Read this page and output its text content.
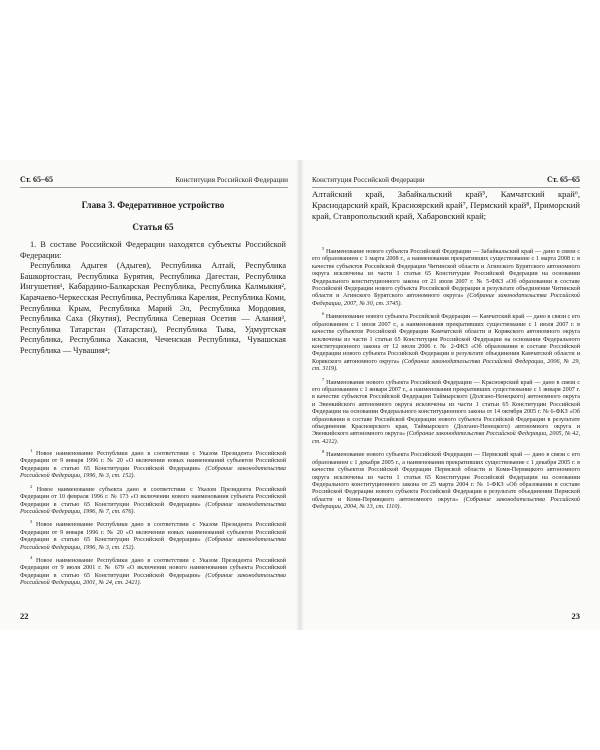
Ст. 65–65	Конституция Российской Федерации
Глава 3. Федеративное устройство
Статья 65
1. В составе Российской Федерации находятся субъекты Российской Федерации:
Республика Адыгея (Адыгея), Республика Алтай, Республика Башкортостан, Республика Бурятия, Республика Дагестан, Республика Ингушетия¹, Кабардино-Балкарская Республика, Республика Калмыкия², Карачаево-Черкесская Республика, Республика Карелия, Республика Коми, Республика Крым, Республика Марий Эл, Республика Мордовия, Республика Саха (Якутия), Республика Северная Осетия — Алания³, Республика Татарстан (Татарстан), Республика Тыва, Удмуртская Республика, Республика Хакасия, Чеченская Республика, Чувашская Республика — Чувашия⁴;
$^1$ Новое наименование Республики дано в соответствии с Указом Президента Российской Федерации от 9 января 1996 г. № 20 «О включении новых наименований субъектов Российской Федерации в статью 65 Конституции Российской Федерации» (Собрание законодательства Российской Федерации, 1996, № 3, ст. 152).
$^2$ Новое наименование субъекта дано в соответствии с Указом Президента Российской Федерации от 10 февраля 1996 г. № 173 «О включении нового наименования субъекта Российской Федерации в статью 65 Конституции Российской Федерации» (Собрание законодательства Российской Федерации, 1996, № 7, ст. 676).
$^3$ Новое наименование Республики дано в соответствии с Указом Президента Российской Федерации от 9 января 1996 г. № 20 «О включении новых наименований субъектов Российской Федерации в статью 65 Конституции Российской Федерации» (Собрание законодательства Российской Федерации, 1996, № 3, ст. 152).
$^4$ Новое наименование Республики дано в соответствии с Указом Президента Российской Федерации от 9 июля 2001 г. № 679 «О включении нового наименования субъекта Российской Федерации в статью 65 Конституции Российской Федерации» (Собрание законодательства Российской Федерации, 2001, № 24, ст. 2421).
22
Конституция Российской Федерации	Ст. 65–65
Алтайский край, Забайкальский край⁵, Камчатский край⁶, Краснодарский край, Красноярский край⁷, Пермский край⁸, Приморский край, Ставропольский край, Хабаровский край;
$^5$ Наименование нового субъекта Российской Федерации — Забайкальский край — дано в связи с его образованием с 1 марта 2008 г., а наименования прекративших существование с 1 марта 2008 г. в качестве субъектов Российской Федерации Читинской области и Агинского Бурятского автономного округа исключены из части 1 статьи 65 Конституции Российской Федерации на основании Федерального конституционного закона от 21 июля 2007 г. № 5-ФКЗ «Об образовании в составе Российской Федерации нового субъекта Российской Федерации в результате объединения Читинской области и Агинского Бурятского автономного округа» (Собрание законодательства Российской Федерации, 2007, № 30, ст. 3745).
$^6$ Наименование нового субъекта Российской Федерации — Камчатский край — дано в связи с его образованием с 1 июля 2007 г., а наименования прекративших существование с 1 июля 2007 г. в качестве субъектов Российской Федерации Камчатской области и Корякского автономного округа исключены из части 1 статьи 65 Конституции Российской Федерации на основании Федерального конституционного закона от 12 июля 2006 г. № 2-ФКЗ «Об образовании в составе Российской Федерации нового субъекта Российской Федерации в результате объединения Камчатской области и Корякского автономного округа» (Собрание законодательства Российской Федерации, 2006, № 29, ст. 3119).
$^7$ Наименование нового субъекта Российской Федерации — Красноярский край — дано в связи с его образованием с 1 января 2007 г., а наименования прекративших существование с 1 января 2007 г. в качестве субъектов Российской Федерации Таймырского (Долгано-Ненецкого) автономного округа и Эвенкийского автономного округа исключены из части 1 статьи 65 Конституции Российской Федерации на основании Федерального конституционного закона от 14 октября 2005 г. № 6-ФКЗ «Об образовании в составе Российской Федерации нового субъекта Российской Федерации в результате объединения Красноярского края, Таймырского (Долгано-Ненецкого) автономного округа и Эвенкийского автономного округа» (Собрание законодательства Российской Федерации, 2005, № 42, ст. 4212).
$^8$ Наименование нового субъекта Российской Федерации — Пермский край — дано в связи с его образованием с 1 декабря 2005 г., а наименования прекративших существование с 1 декабря 2005 г. в качестве субъектов Российской Федерации Пермской области и Коми-Пермяцкого автономного округа исключены из части 1 статьи 65 Конституции Российской Федерации на основании Федерального конституционного закона от 25 марта 2004 г. № 1-ФКЗ «Об образовании в составе Российской Федерации нового субъекта Российской Федерации в результате объединения Пермской области и Коми-Пермяцкого автономного округа» (Собрание законодательства Российской Федерации, 2004, № 13, ст. 1110).
23
